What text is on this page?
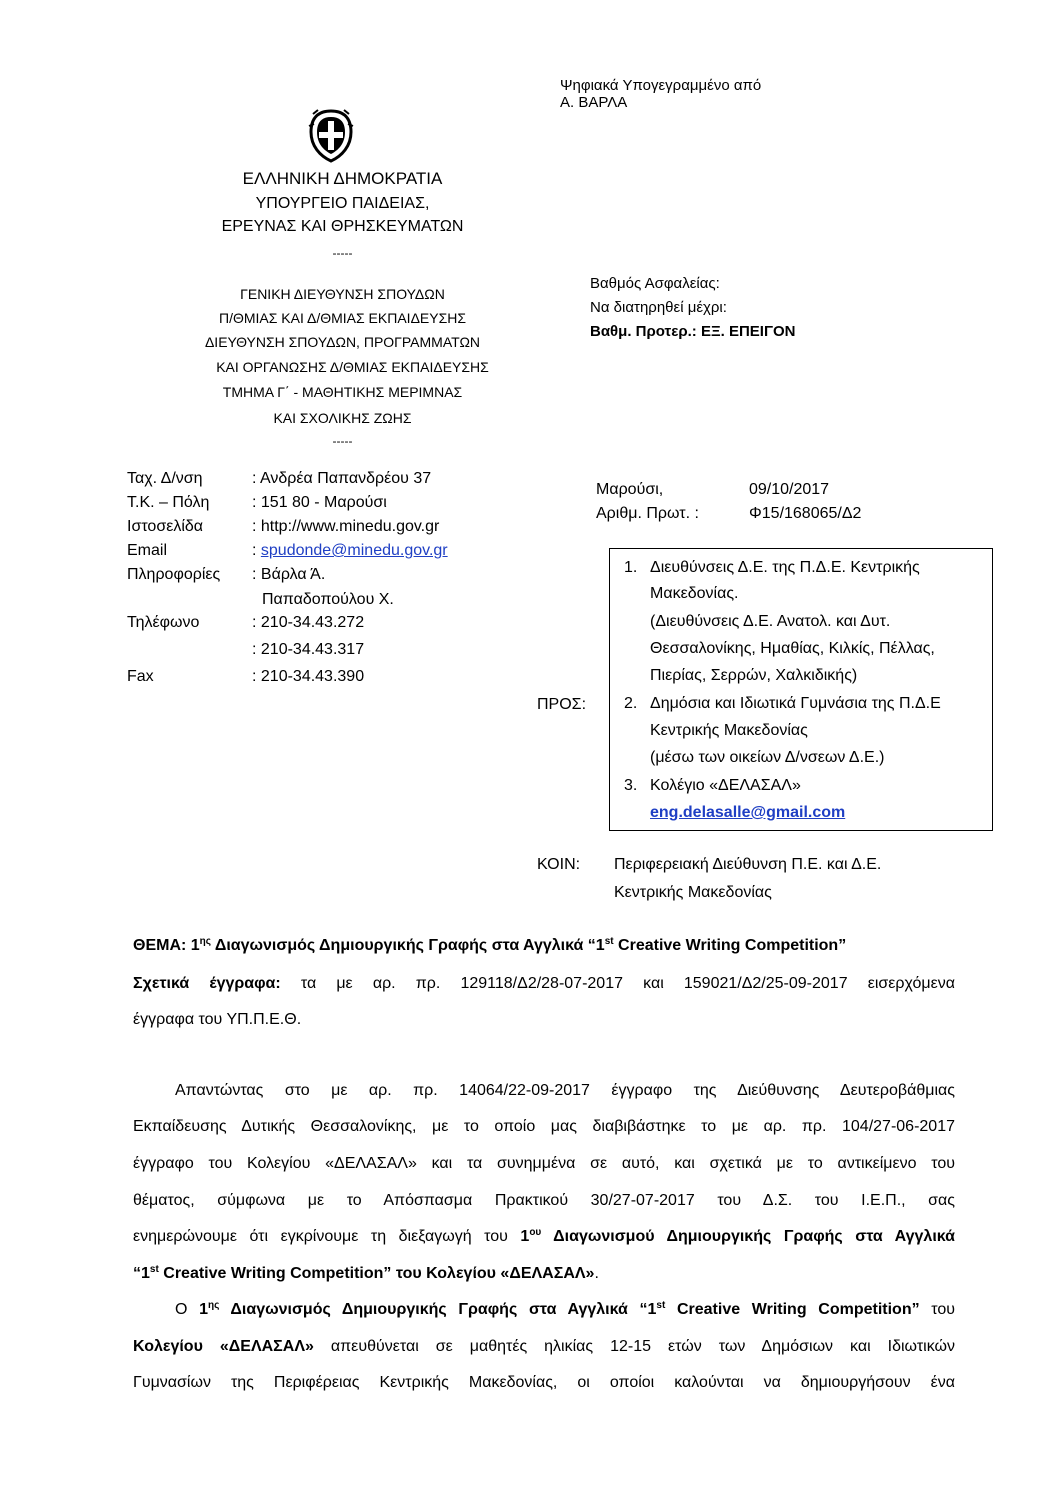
Ψηφιακά Υπογεγραμμένο από
Α. ΒΑΡΛΑ
ΕΛΛΗΝΙΚΗ ΔΗΜΟΚΡΑΤΙΑ
ΥΠΟΥΡΓΕΙΟ ΠΑΙΔΕΙΑΣ,
ΕΡΕΥΝΑΣ ΚΑΙ ΘΡΗΣΚΕΥΜΑΤΩΝ
-----
ΓΕΝΙΚΗ ΔΙΕΥΘΥΝΣΗ ΣΠΟΥΔΩΝ
Π/ΘΜΙΑΣ ΚΑΙ Δ/ΘΜΙΑΣ ΕΚΠΑΙΔΕΥΣΗΣ
ΔΙΕΥΘΥΝΣΗ ΣΠΟΥΔΩΝ, ΠΡΟΓΡΑΜΜΑΤΩΝ
ΚΑΙ ΟΡΓΑΝΩΣΗΣ Δ/ΘΜΙΑΣ ΕΚΠΑΙΔΕΥΣΗΣ
ΤΜΗΜΑ Γ΄ - ΜΑΘΗΤΙΚΗΣ ΜΕΡΙΜΝΑΣ
ΚΑΙ ΣΧΟΛΙΚΗΣ ΖΩΗΣ
-----
Βαθμός Ασφαλείας:
Να διατηρηθεί μέχρι:
Βαθμ. Προτερ.: ΕΞ. ΕΠΕΙΓΟΝ
Ταχ. Δ/νση	: Ανδρέα Παπανδρέου 37
Τ.Κ. – Πόλη	: 151 80 - Μαρούσι
Ιστοσελίδα	: http://www.minedu.gov.gr
Email	: spudonde@minedu.gov.gr
Πληροφορίες : Βάρλα Ά.
Παπαδοπούλου Χ.
Τηλέφωνο	: 210-34.43.272
: 210-34.43.317
Fax	: 210-34.43.390
Μαρούσι,	09/10/2017
Αριθμ. Πρωτ. :	Φ15/168065/Δ2
ΠΡΟΣ:
1. Διευθύνσεις Δ.Ε. της Π.Δ.Ε. Κεντρικής
Μακεδονίας.
(Διευθύνσεις Δ.Ε. Ανατολ. και Δυτ.
Θεσσαλονίκης, Ημαθίας, Κιλκίς, Πέλλας,
Πιερίας, Σερρών, Χαλκιδικής)
2. Δημόσια και Ιδιωτικά Γυμνάσια της Π.Δ.Ε
Κεντρικής Μακεδονίας
(μέσω των οικείων Δ/νσεων Δ.Ε.)
3. Κολέγιο «ΔΕΛΑΣΑΛ»
eng.delasalle@gmail.com
ΚΟΙΝ: Περιφερειακή Διεύθυνση Π.Ε. και Δ.Ε.
Κεντρικής Μακεδονίας
ΘΕΜΑ: $1^{\eta\varsigma}$ Διαγωνισμός Δημιουργικής Γραφής στα Αγγλικά “1st Creative Writing Competition”
Σχετικά έγγραφα: τα με αρ. πρ. 129118/Δ2/28-07-2017 και 159021/Δ2/25-09-2017 εισερχόμενα
έγγραφα του ΥΠ.Π.Ε.Θ.
Απαντώντας στο με αρ. πρ. 14064/22-09-2017 έγγραφο της Διεύθυνσης Δευτεροβάθμιας
Εκπαίδευσης Δυτικής Θεσσαλονίκης, με το οποίο μας διαβιβάστηκε το με αρ. πρ. 104/27-06-2017
έγγραφο του Κολεγίου «ΔΕΛΑΣΑΛ» και τα συνημμένα σε αυτό, και σχετικά με το αντικείμενο του
θέματος, σύμφωνα με το Απόσπασμα Πρακτικού 30/27-07-2017 του Δ.Σ. του Ι.Ε.Π., σας
ενημερώνουμε ότι εγκρίνουμε τη διεξαγωγή του $1^{o\upsilon}$ Διαγωνισμού Δημιουργικής Γραφής στα Αγγλικά
“1st Creative Writing Competition” του Κολεγίου «ΔΕΛΑΣΑΛ».
Ο $1^{\eta\varsigma}$ Διαγωνισμός Δημιουργικής Γραφής στα Αγγλικά “1st Creative Writing Competition” του
Κολεγίου «ΔΕΛΑΣΑΛ» απευθύνεται σε μαθητές ηλικίας 12-15 ετών των Δημόσιων και Ιδιωτικών
Γυμνασίων της Περιφέρειας Κεντρικής Μακεδονίας, οι οποίοι καλούνται να δημιουργήσουν ένα
